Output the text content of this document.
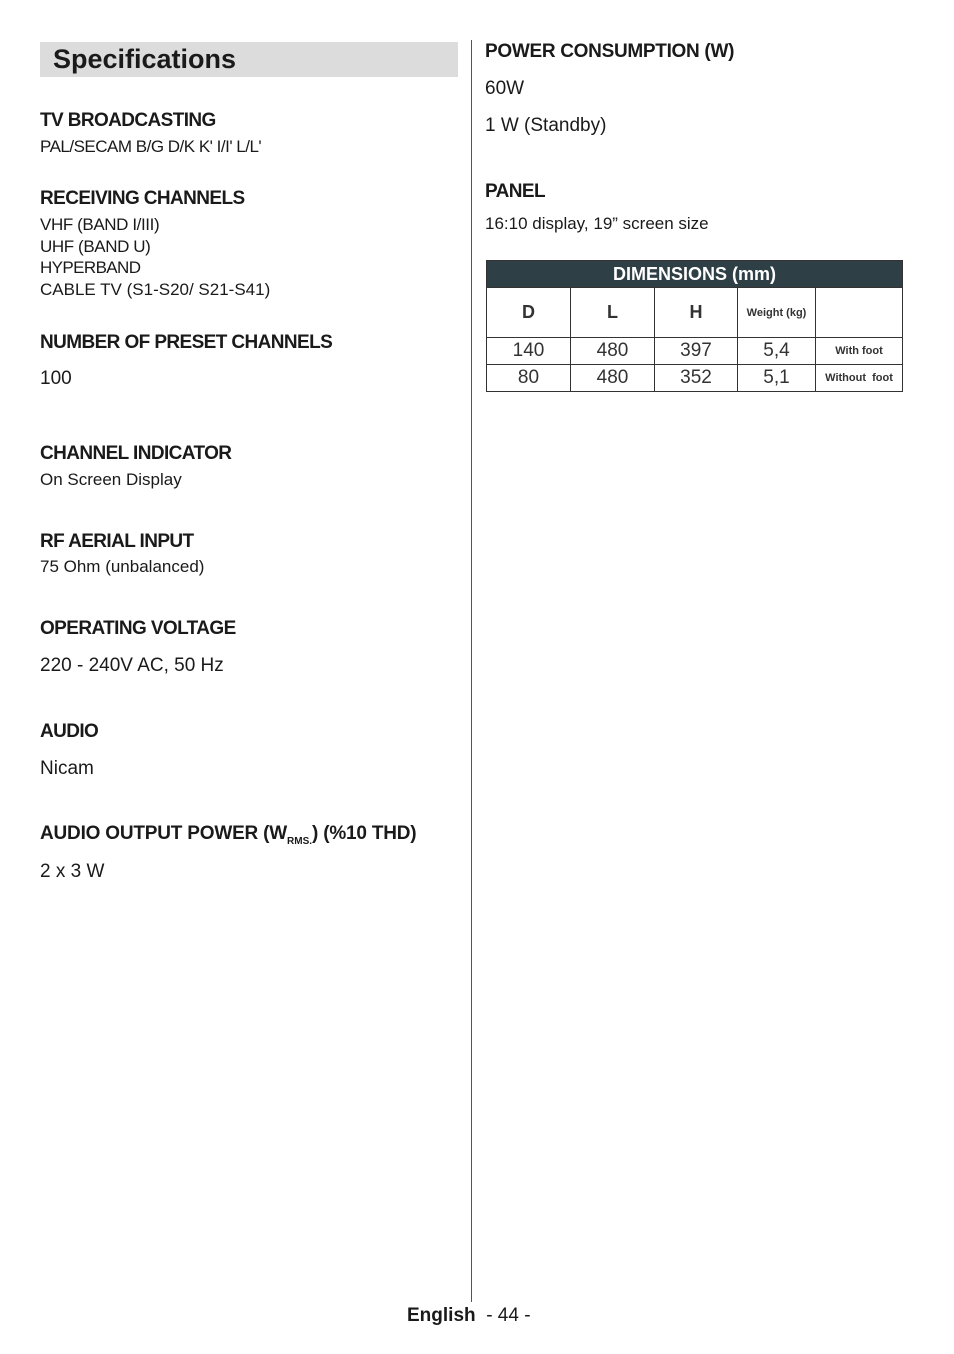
Specifications
TV BROADCASTING
PAL/SECAM B/G D/K K' I/I' L/L'
RECEIVING CHANNELS
VHF (BAND I/III)
UHF (BAND U)
HYPERBAND
CABLE TV (S1-S20/ S21-S41)
NUMBER OF PRESET CHANNELS
100
CHANNEL INDICATOR
On Screen Display
RF AERIAL INPUT
75 Ohm (unbalanced)
OPERATING VOLTAGE
220 - 240V AC, 50 Hz
AUDIO
Nicam
AUDIO OUTPUT POWER $(W_{RMS.})$ (%10 THD)
2 x 3 W
POWER CONSUMPTION (W)
60W
1 W (Standby)
PANEL
16:10 display, 19” screen size
DIMENSIONS (mm)				
D	L	H	Weight (kg)	
140	480	397	5,4	With foot
80	480	352	5,1	Without  foot
English - 44 -
